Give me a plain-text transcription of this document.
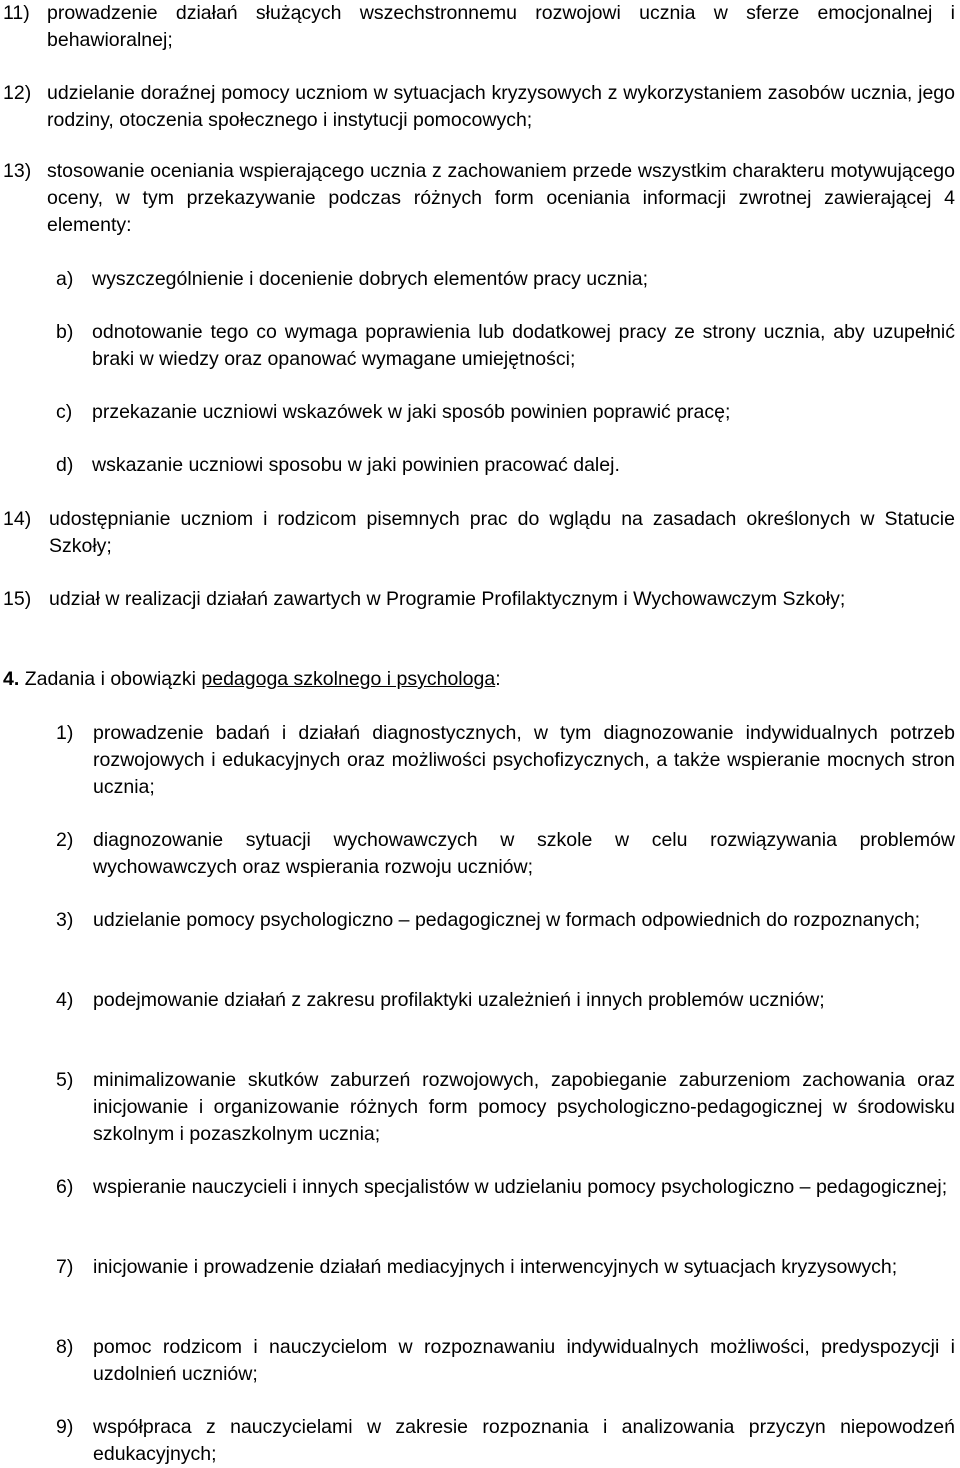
11) prowadzenie działań służących wszechstronnemu rozwojowi ucznia w sferze emocjonalnej i behawioralnej;
12) udzielanie doraźnej pomocy uczniom w sytuacjach kryzysowych z wykorzystaniem zasobów ucznia, jego rodziny, otoczenia społecznego i instytucji pomocowych;
13) stosowanie oceniania wspierającego ucznia z zachowaniem przede wszystkim charakteru motywującego oceny, w tym przekazywanie podczas różnych form oceniania informacji zwrotnej zawierającej 4 elementy:
a) wyszczególnienie i docenienie dobrych elementów pracy ucznia;
b) odnotowanie tego co wymaga poprawienia lub dodatkowej pracy ze strony ucznia, aby uzupełnić braki w wiedzy oraz opanować wymagane umiejętności;
c)	przekazanie uczniowi wskazówek w jaki sposób powinien poprawić pracę;
d) wskazanie uczniowi sposobu w jaki powinien pracować dalej.
14) udostępnianie uczniom i rodzicom pisemnych prac do wglądu na zasadach określonych w Statucie Szkoły;
15) udział w realizacji działań zawartych w Programie Profilaktycznym i Wychowawczym Szkoły;
4. Zadania i obowiązki pedagoga szkolnego i psychologa:
1)	prowadzenie badań i działań diagnostycznych, w tym diagnozowanie indywidualnych potrzeb rozwojowych i edukacyjnych oraz możliwości psychofizycznych, a także wspieranie mocnych stron ucznia;
2)	diagnozowanie sytuacji wychowawczych w szkole w celu rozwiązywania problemów wychowawczych oraz wspierania rozwoju uczniów;
3)	udzielanie pomocy psychologiczno – pedagogicznej w formach odpowiednich do rozpoznanych;
4)	podejmowanie działań z zakresu profilaktyki uzależnień i innych problemów uczniów;
5)	minimalizowanie skutków zaburzeń rozwojowych, zapobieganie zaburzeniom zachowania oraz inicjowanie i organizowanie różnych form pomocy psychologiczno-pedagogicznej w środowisku szkolnym i pozaszkolnym ucznia;
6)	wspieranie nauczycieli i innych specjalistów w udzielaniu pomocy psychologiczno – pedagogicznej;
7)	inicjowanie i prowadzenie działań mediacyjnych i interwencyjnych w sytuacjach kryzysowych;
8)	pomoc rodzicom i nauczycielom w rozpoznawaniu indywidualnych możliwości, predyspozycji i uzdolnień uczniów;
9)	współpraca z nauczycielami w zakresie rozpoznania i analizowania przyczyn niepowodzeń edukacyjnych;
